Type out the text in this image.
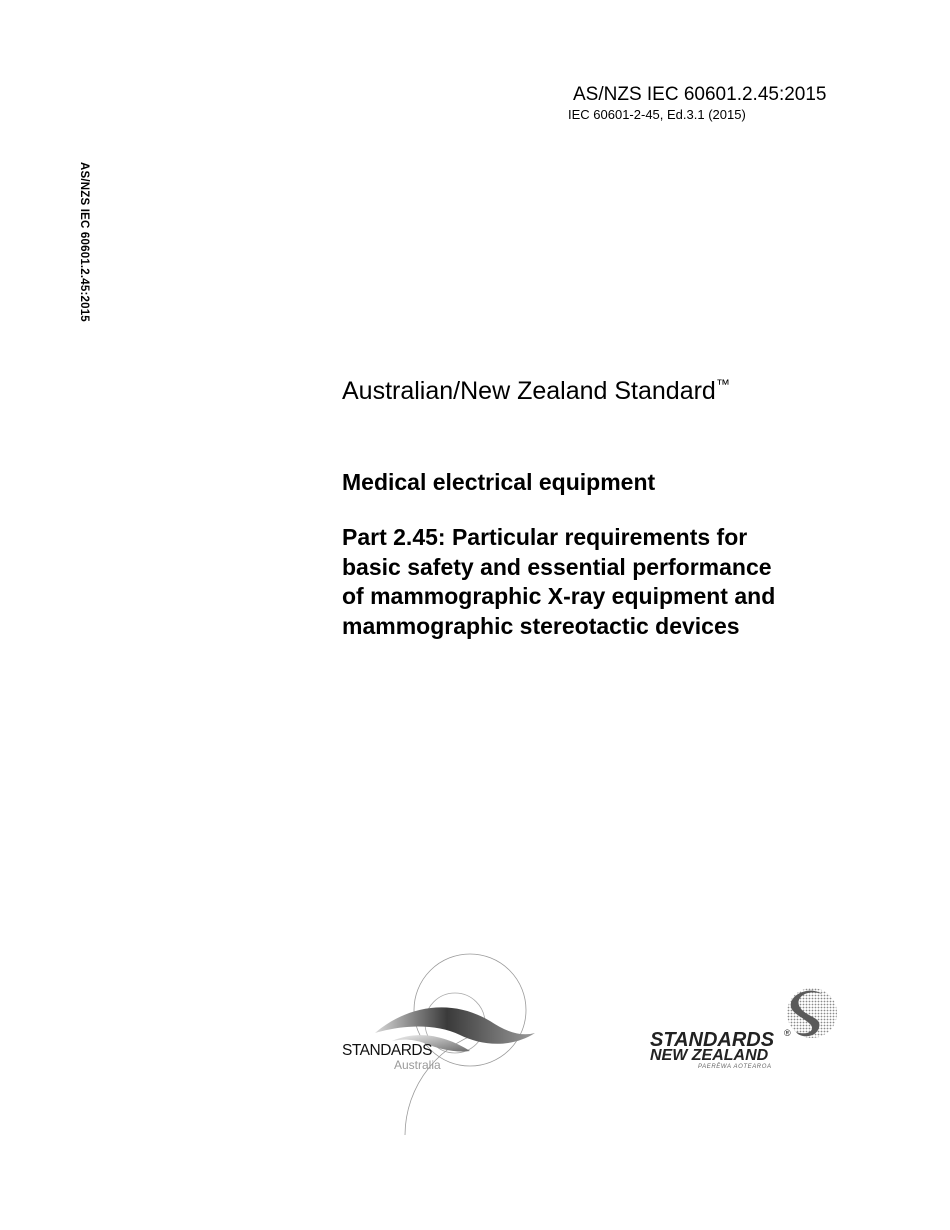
AS/NZS IEC 60601.2.45:2015
IEC 60601-2-45, Ed.3.1 (2015)
AS/NZS IEC 60601.2.45:2015
Australian/New Zealand Standard™
Medical electrical equipment
Part 2.45: Particular requirements for
basic safety and essential performance
of mammographic X-ray equipment and
mammographic stereotactic devices
STANDARDS
Australia
STANDARDS ®
NEW ZEALAND
PAERĒWA AOTEAROA
